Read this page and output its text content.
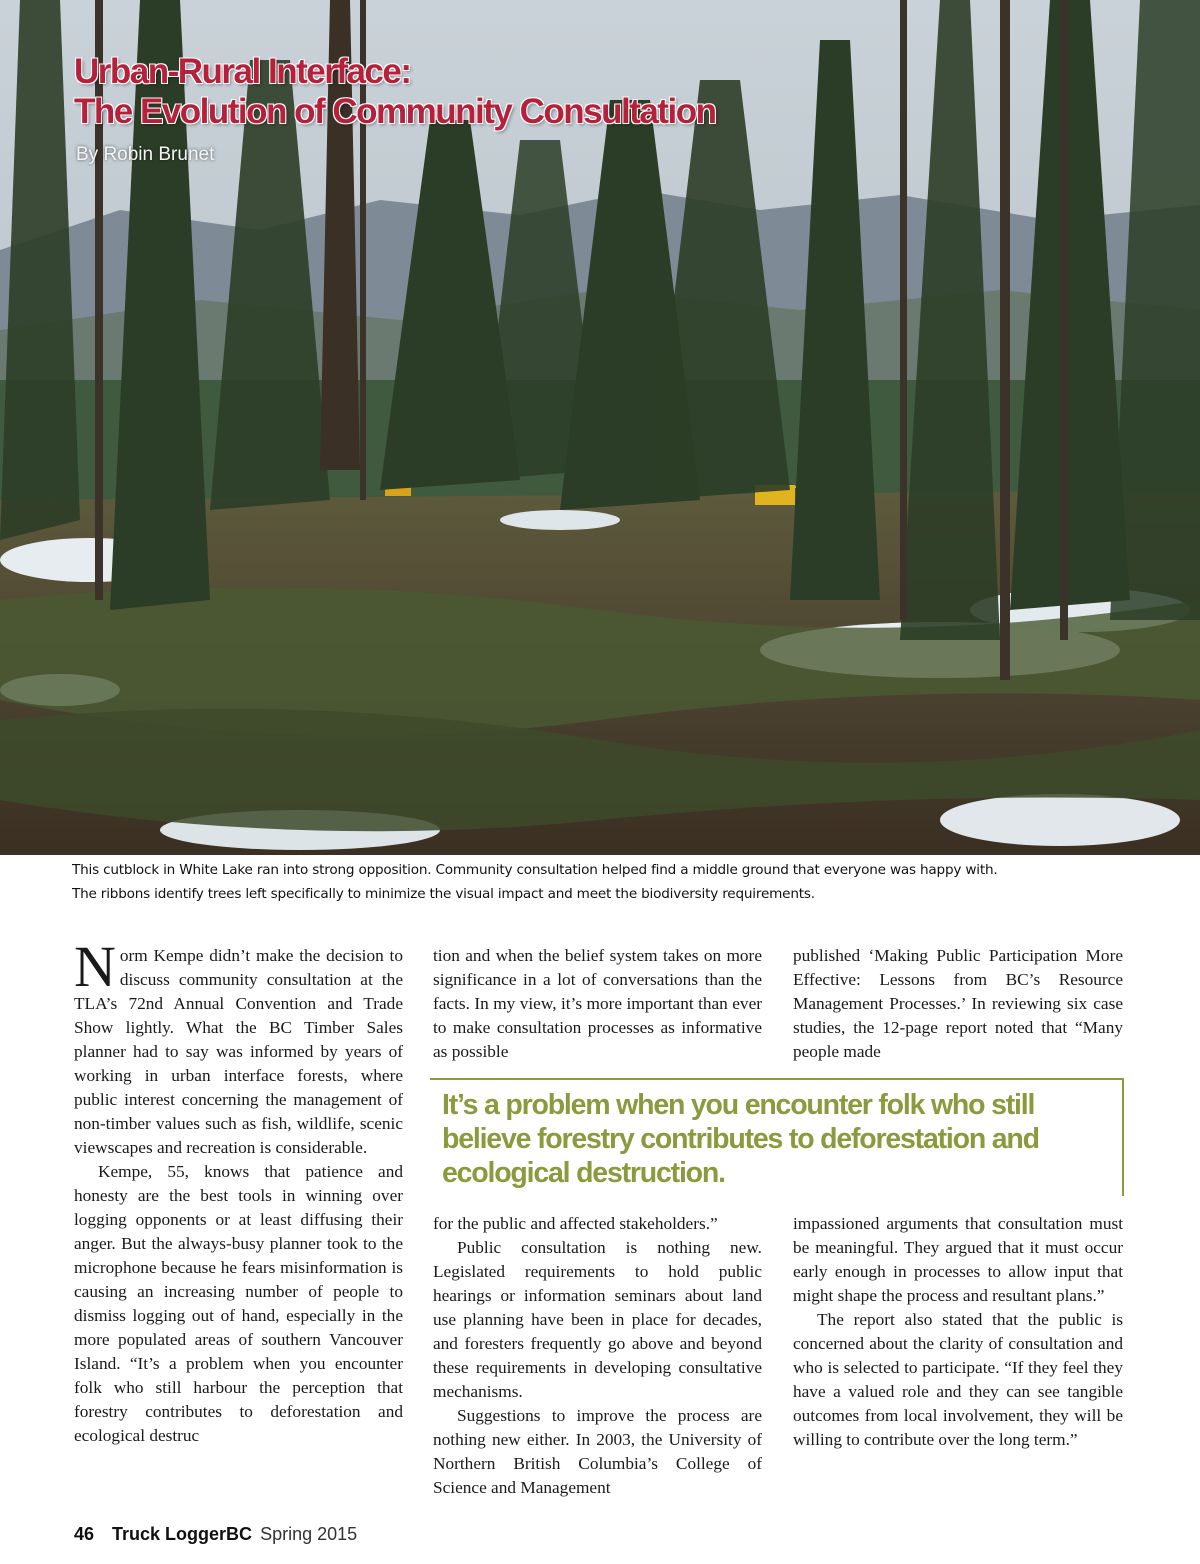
Urban-Rural Interface:
The Evolution of Community Consultation
By Robin Brunet
This cutblock in White Lake ran into strong opposition. Community consultation helped find a middle ground that everyone was happy with.
The ribbons identify trees left specifically to minimize the visual impact and meet the biodiversity requirements.

Norm Kempe didn’t make the decision to discuss community consultation at the TLA’s 72nd Annual Convention and Trade Show lightly. What the BC Timber Sales planner had to say was informed by years of working in urban interface forests, where public interest concerning the management of non-timber values such as fish, wildlife, scenic viewscapes and recreation is considerable.

Kempe, 55, knows that patience and honesty are the best tools in winning over logging opponents or at least diffusing their anger. But the always-busy planner took to the microphone because he fears misinformation is causing an increasing number of people to dismiss logging out of hand, especially in the more populated areas of southern Vancouver Island. “It’s a problem when you encounter folk who still harbour the perception that forestry contributes to deforestation and ecological destruc

tion and when the belief system takes on more significance in a lot of conversations than the facts. In my view, it’s more important than ever to make consultation processes as informative as possible

published ‘Making Public Participation More Effective: Lessons from BC’s Resource Management Processes.’ In reviewing six case studies, the 12-page report noted that “Many people made

It’s a problem when you encounter folk who still believe forestry contributes to deforestation and ecological destruction.

for the public and affected stakeholders.”

Public consultation is nothing new. Legislated requirements to hold public hearings or information seminars about land use planning have been in place for decades, and foresters frequently go above and beyond these requirements in developing consultative mechanisms.

Suggestions to improve the process are nothing new either. In 2003, the University of Northern British Columbia’s College of Science and Management

impassioned arguments that consultation must be meaningful. They argued that it must occur early enough in processes to allow input that might shape the process and resultant plans.”

The report also stated that the public is concerned about the clarity of consultation and who is selected to participate. “If they feel they have a valued role and they can see tangible outcomes from local involvement, they will be willing to contribute over the long term.”

46 Truck LoggerBC Spring 2015
